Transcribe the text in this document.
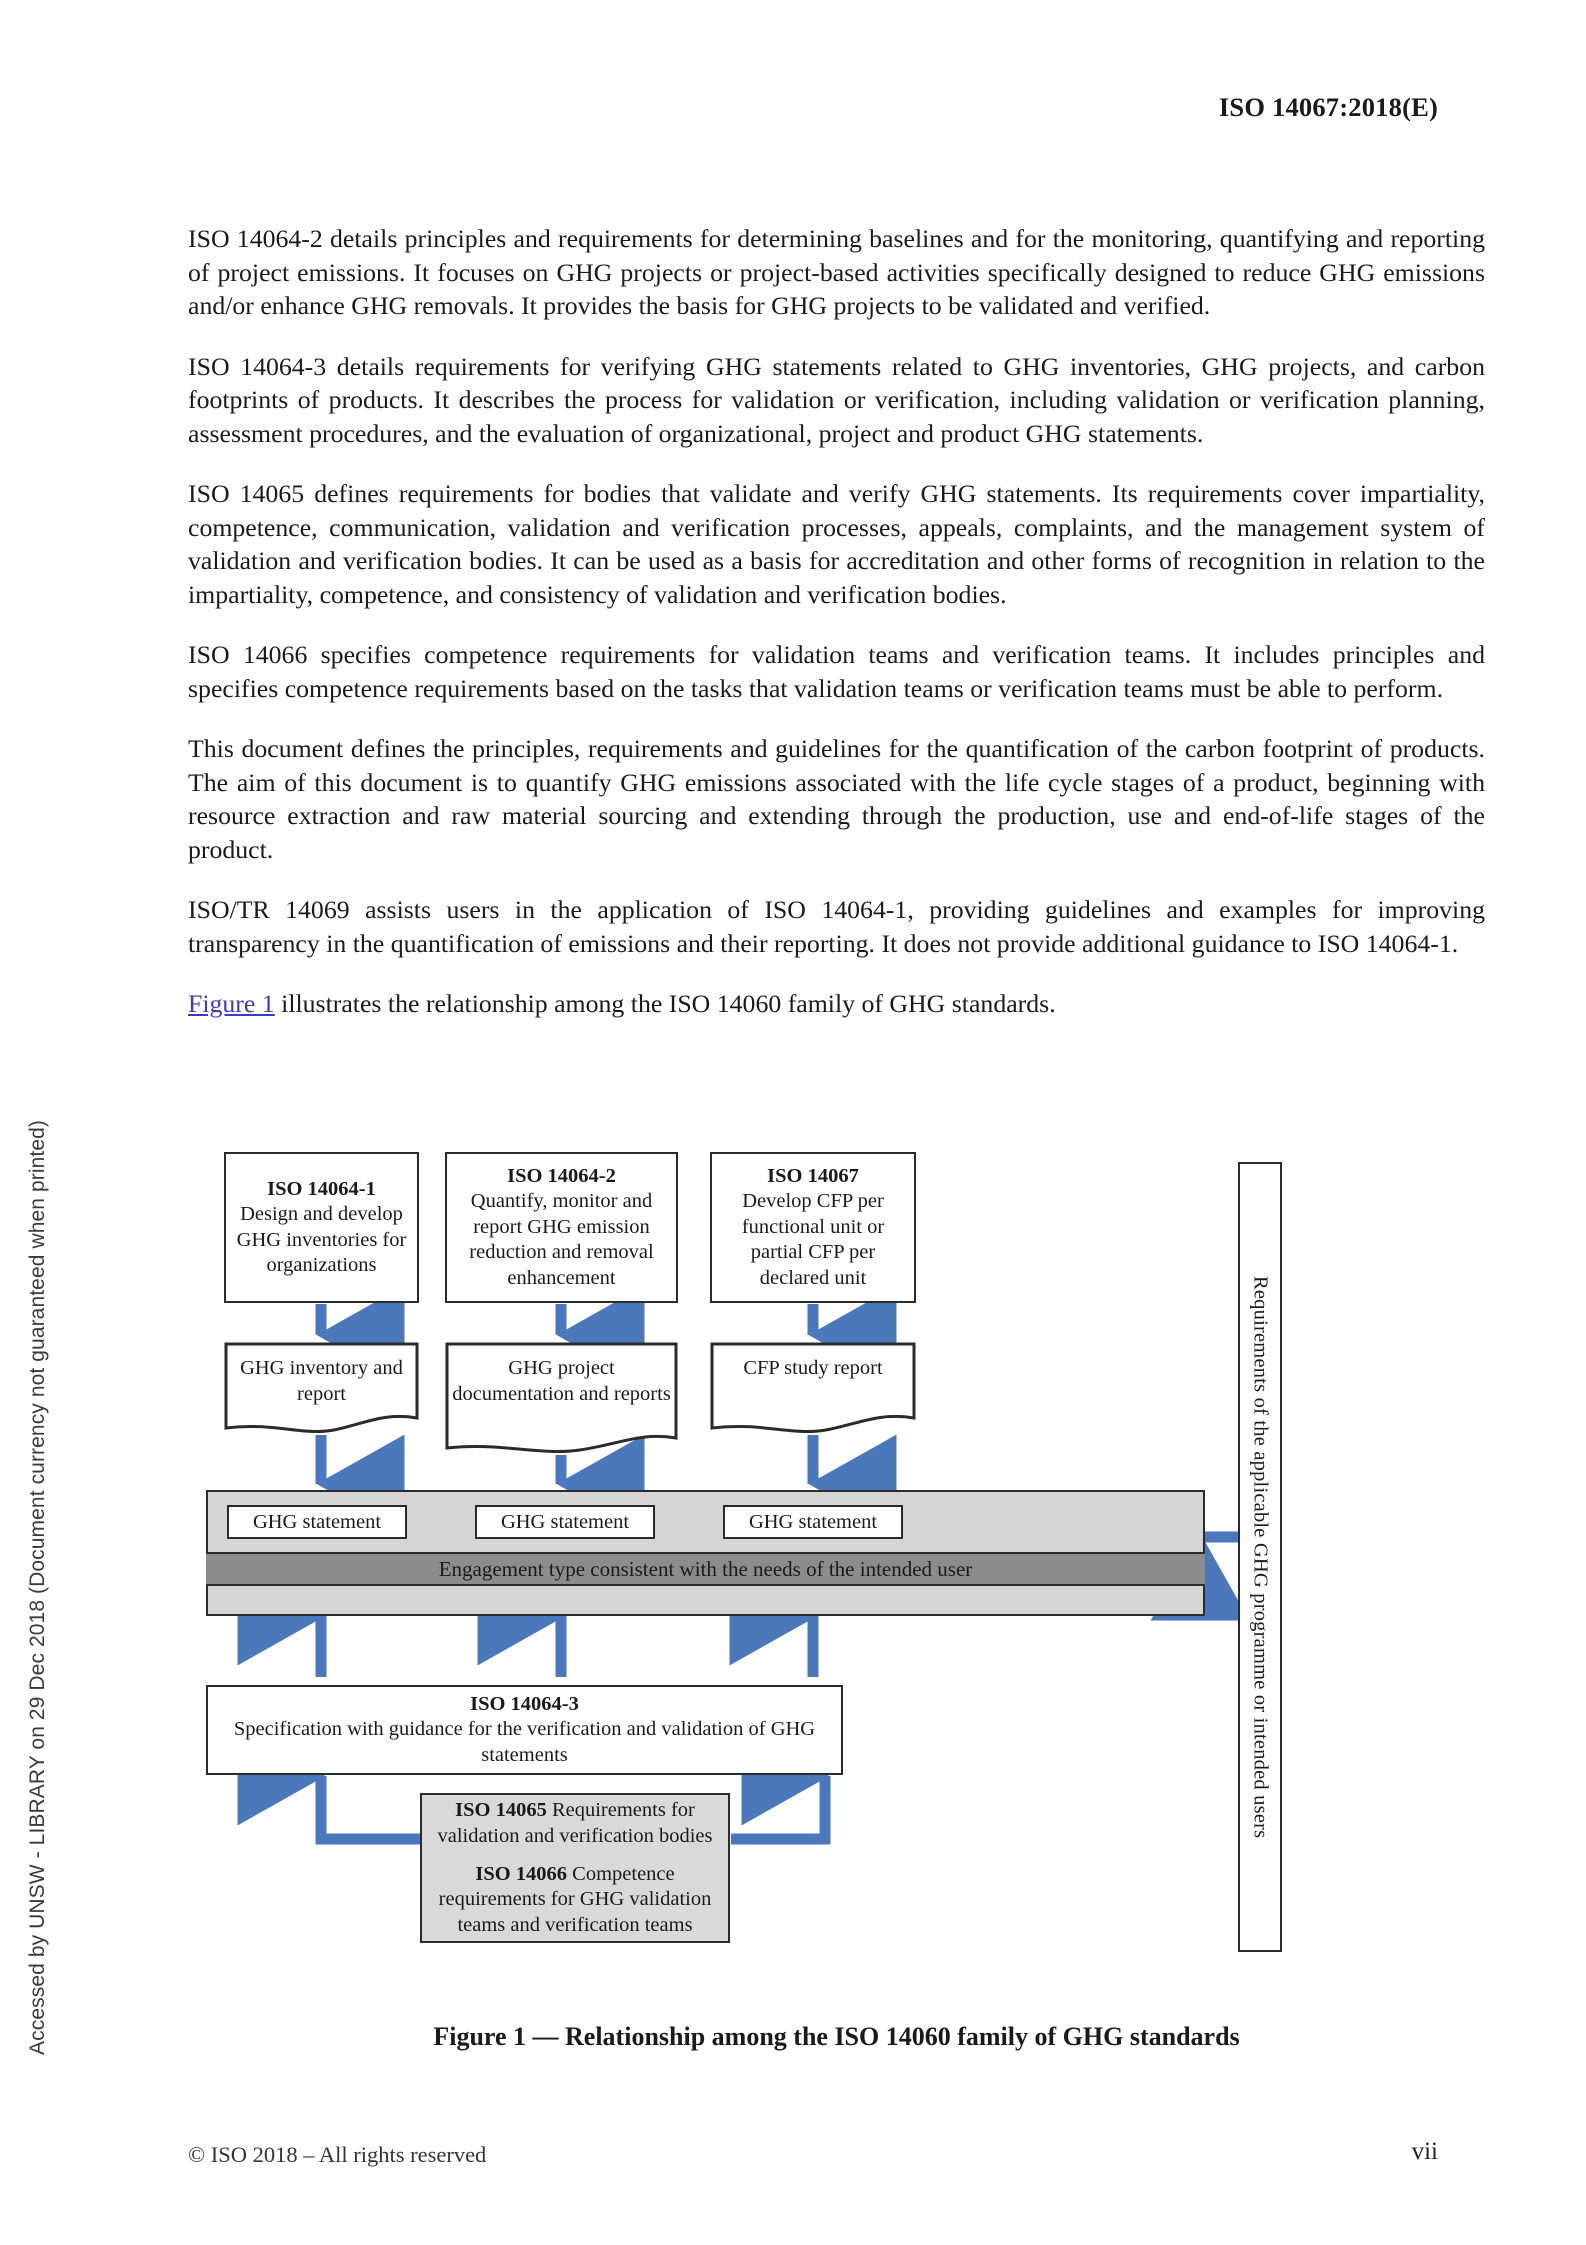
ISO 14067:2018(E)
Accessed by UNSW - LIBRARY on 29 Dec 2018 (Document currency not guaranteed when printed)

ISO 14064-2 details principles and requirements for determining baselines and for the monitoring, quantifying and reporting of project emissions. It focuses on GHG projects or project-based activities specifically designed to reduce GHG emissions and/or enhance GHG removals. It provides the basis for GHG projects to be validated and verified.

ISO 14064-3 details requirements for verifying GHG statements related to GHG inventories, GHG projects, and carbon footprints of products. It describes the process for validation or verification, including validation or verification planning, assessment procedures, and the evaluation of organizational, project and product GHG statements.

ISO 14065 defines requirements for bodies that validate and verify GHG statements. Its requirements cover impartiality, competence, communication, validation and verification processes, appeals, complaints, and the management system of validation and verification bodies. It can be used as a basis for accreditation and other forms of recognition in relation to the impartiality, competence, and consistency of validation and verification bodies.

ISO 14066 specifies competence requirements for validation teams and verification teams. It includes principles and specifies competence requirements based on the tasks that validation teams or verification teams must be able to perform.

This document defines the principles, requirements and guidelines for the quantification of the carbon footprint of products. The aim of this document is to quantify GHG emissions associated with the life cycle stages of a product, beginning with resource extraction and raw material sourcing and extending through the production, use and end-of-life stages of the product.

ISO/TR 14069 assists users in the application of ISO 14064-1, providing guidelines and examples for improving transparency in the quantification of emissions and their reporting. It does not provide additional guidance to ISO 14064-1.

Figure 1 illustrates the relationship among the ISO 14060 family of GHG standards.

ISO 14064-1
Design and develop GHG inventories for organizations
ISO 14064-2
Quantify, monitor and report GHG emission reduction and removal enhancement
ISO 14067
Develop CFP per functional unit or partial CFP per declared unit
GHG inventory and report
GHG project documentation and reports
CFP study report
Engagement type consistent with the needs of the intended user
GHG statement	GHG statement	GHG statement
ISO 14064-3
Specification with guidance for the verification and validation of GHG statements
ISO 14065 Requirements for
validation and verification bodies
ISO 14066 Competence
requirements for GHG validation
teams and verification teams
Requirements of the applicable GHG programme or intended users
Figure 1 — Relationship among the ISO 14060 family of GHG standards
© ISO 2018 – All rights reserved	vii
